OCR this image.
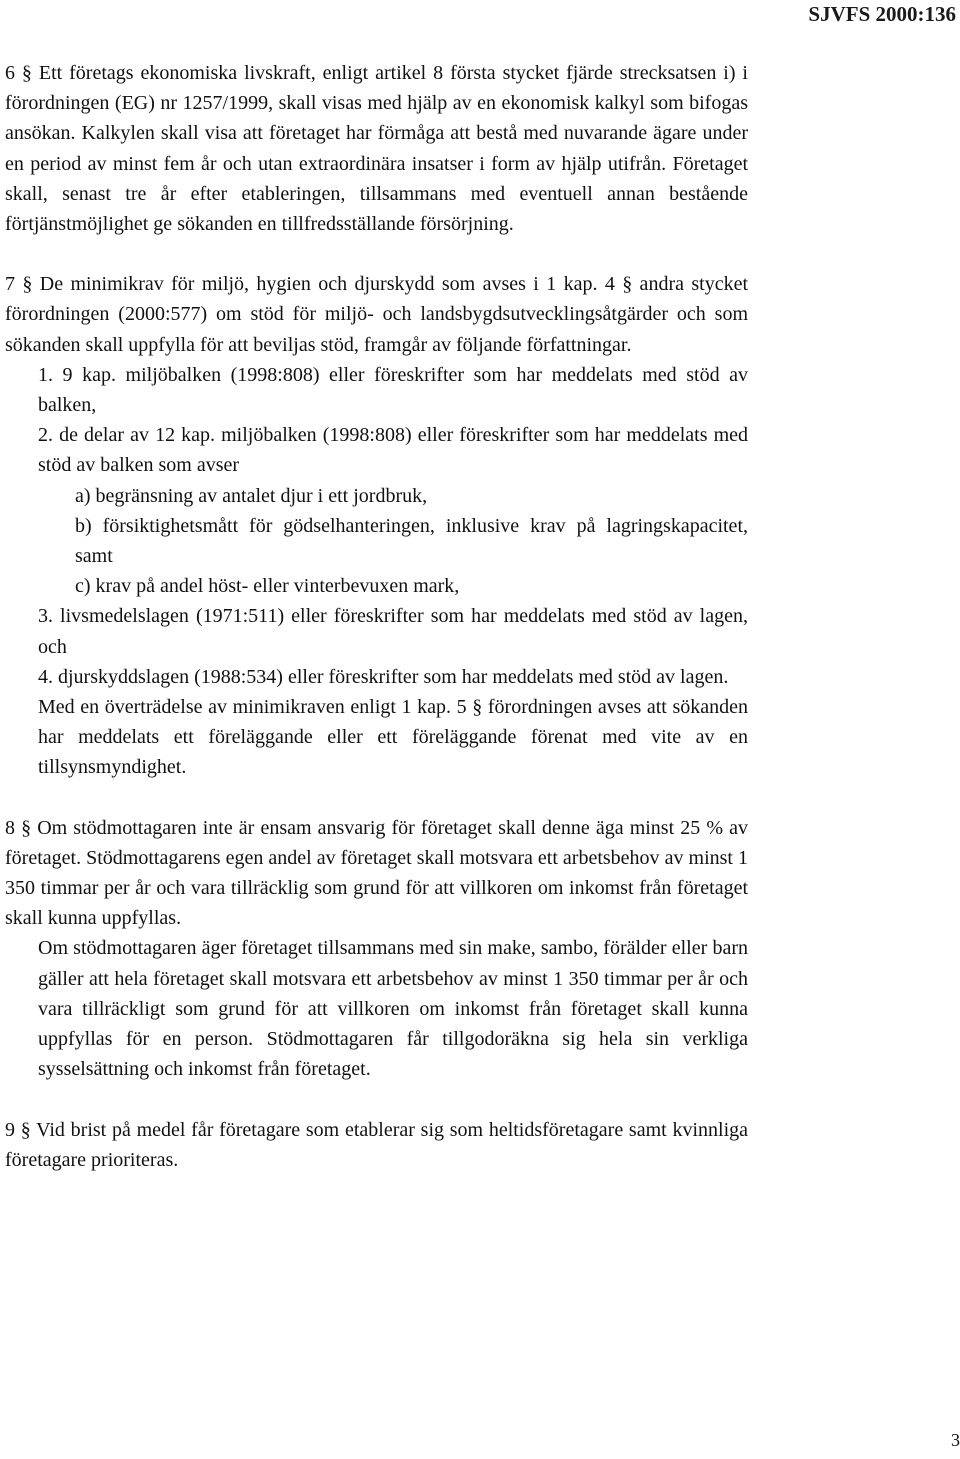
SJVFS 2000:136

6 § Ett företags ekonomiska livskraft, enligt artikel 8 första stycket fjärde strecksatsen i) i förordningen (EG) nr 1257/1999, skall visas med hjälp av en ekonomisk kalkyl som bifogas ansökan. Kalkylen skall visa att företaget har förmåga att bestå med nuvarande ägare under en period av minst fem år och utan extraordinära insatser i form av hjälp utifrån. Företaget skall, senast tre år efter etableringen, tillsammans med eventuell annan bestående förtjänstmöjlighet ge sökanden en tillfredsställande försörjning.

7 § De minimikrav för miljö, hygien och djurskydd som avses i 1 kap. 4 § andra stycket förordningen (2000:577) om stöd för miljö- och landsbygdsutvecklingsåtgärder och som sökanden skall uppfylla för att beviljas stöd, framgår av följande författningar.

1. 9 kap. miljöbalken (1998:808) eller föreskrifter som har meddelats med stöd av balken,

2. de delar av 12 kap. miljöbalken (1998:808) eller föreskrifter som har meddelats med stöd av balken som avser

a) begränsning av antalet djur i ett jordbruk,

b) försiktighetsmått för gödselhanteringen, inklusive krav på lagringskapacitet, samt

c) krav på andel höst- eller vinterbevuxen mark,

3. livsmedelslagen (1971:511) eller föreskrifter som har meddelats med stöd av lagen, och

4. djurskyddslagen (1988:534) eller föreskrifter som har meddelats med stöd av lagen.

Med en överträdelse av minimikraven enligt 1 kap. 5 § förordningen avses att sökanden har meddelats ett föreläggande eller ett föreläggande förenat med vite av en tillsynsmyndighet.

8 § Om stödmottagaren inte är ensam ansvarig för företaget skall denne äga minst 25 % av företaget. Stödmottagarens egen andel av företaget skall motsvara ett arbetsbehov av minst 1 350 timmar per år och vara tillräcklig som grund för att villkoren om inkomst från företaget skall kunna uppfyllas.

Om stödmottagaren äger företaget tillsammans med sin make, sambo, förälder eller barn gäller att hela företaget skall motsvara ett arbetsbehov av minst 1 350 timmar per år och vara tillräckligt som grund för att villkoren om inkomst från företaget skall kunna uppfyllas för en person. Stödmottagaren får tillgodoräkna sig hela sin verkliga sysselsättning och inkomst från företaget.

9 § Vid brist på medel får företagare som etablerar sig som heltidsföretagare samt kvinnliga företagare prioriteras.

3
